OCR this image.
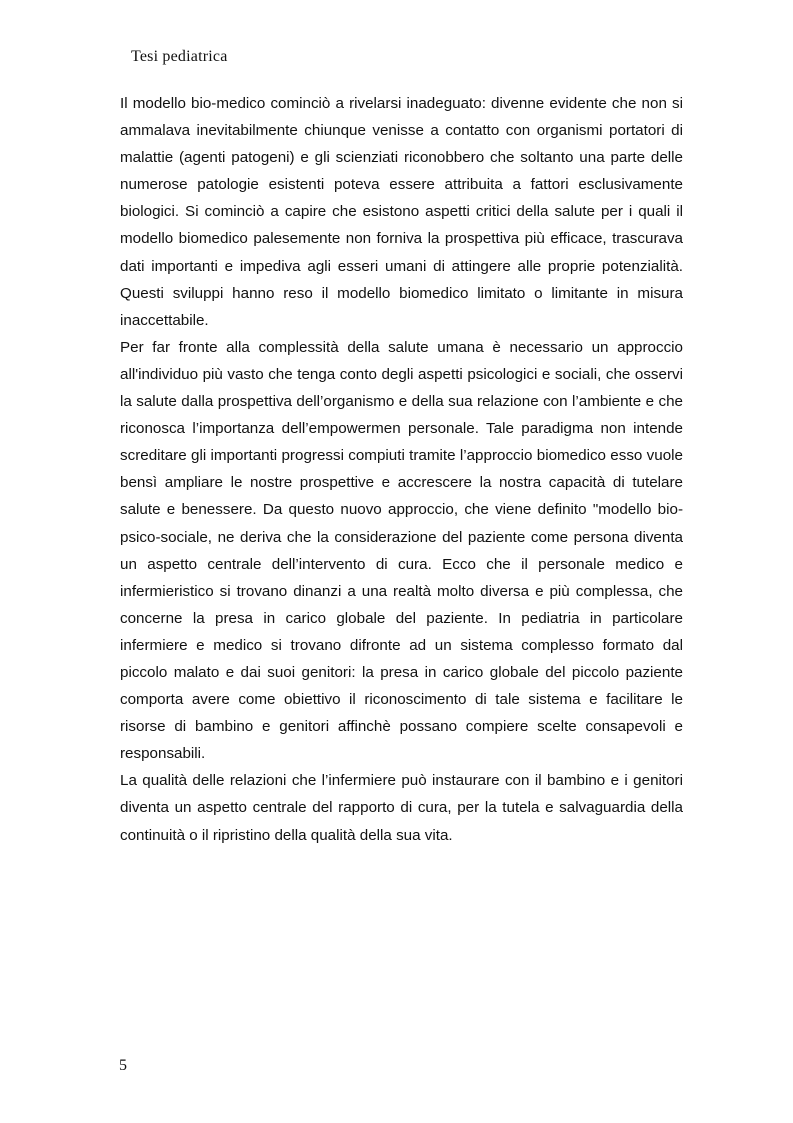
Tesi pediatrica

Il modello bio-medico cominciò a rivelarsi inadeguato: divenne evidente che non si ammalava inevitabilmente chiunque venisse a contatto con organismi portatori di malattie (agenti patogeni) e gli scienziati riconobbero che soltanto una parte delle numerose patologie esistenti poteva essere attribuita a fattori esclusivamente biologici. Si cominciò a capire che esistono aspetti critici della salute per i quali il modello biomedico palesemente non forniva la prospettiva più efficace, trascurava dati importanti e impediva agli esseri umani di attingere alle proprie potenzialità. Questi sviluppi hanno reso il modello biomedico limitato o limitante in misura inaccettabile.

Per far fronte alla complessità della salute umana è necessario un approccio all'individuo più vasto che tenga conto degli aspetti psicologici e sociali, che osservi la salute dalla prospettiva dell’organismo e della sua relazione con l’ambiente e che riconosca l’importanza dell’empowermen personale. Tale paradigma non intende screditare gli importanti progressi compiuti tramite l’approccio biomedico esso vuole bensì ampliare le nostre prospettive e accrescere la nostra capacità di tutelare salute e benessere. Da questo nuovo approccio, che viene definito "modello bio-psico-sociale, ne deriva che la considerazione del paziente come persona diventa un aspetto centrale dell’intervento di cura. Ecco che il personale medico e infermieristico si trovano dinanzi a una realtà molto diversa e più complessa, che concerne la presa in carico globale del paziente. In pediatria in particolare infermiere e medico si trovano difronte ad un sistema complesso formato dal piccolo malato e dai suoi genitori: la presa in carico globale del piccolo paziente comporta avere come obiettivo il riconoscimento di tale sistema e facilitare le risorse di bambino e genitori affinchè possano compiere scelte consapevoli e responsabili.

La qualità delle relazioni che l’infermiere può instaurare con il bambino e i genitori diventa un aspetto centrale del rapporto di cura, per la tutela e salvaguardia della continuità o il ripristino della qualità della sua vita.

5
